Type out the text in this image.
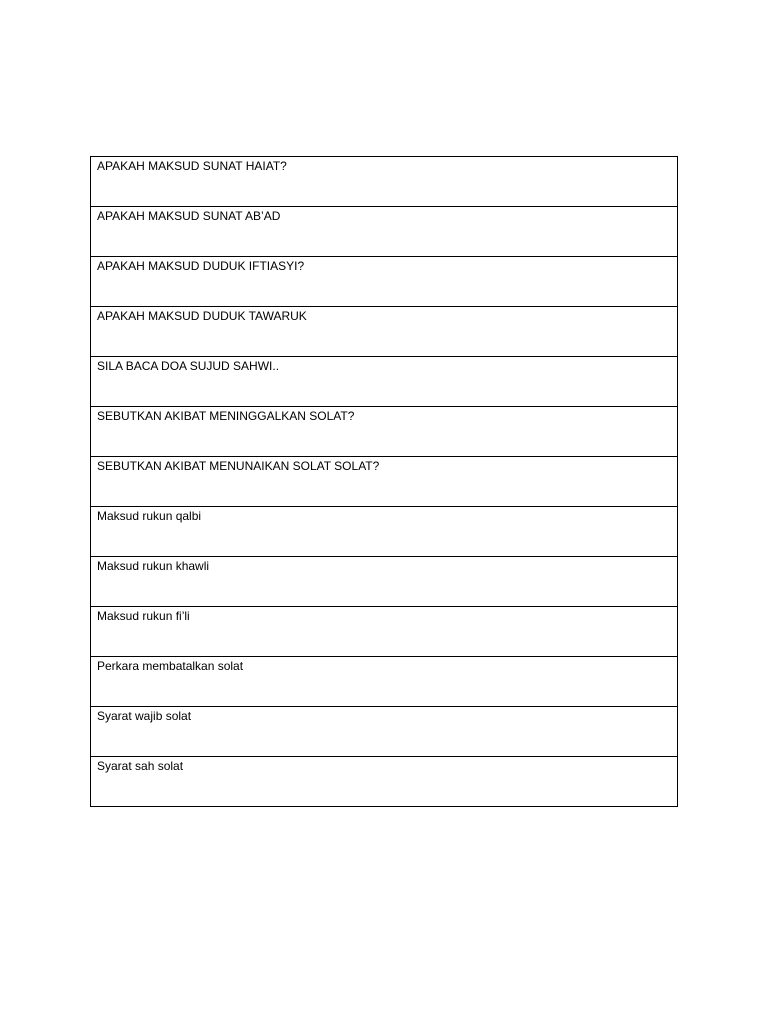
APAKAH MAKSUD SUNAT HAIAT?

APAKAH MAKSUD SUNAT AB’AD

APAKAH MAKSUD DUDUK IFTIASYI?

APAKAH MAKSUD DUDUK TAWARUK

SILA BACA DOA SUJUD SAHWI..

SEBUTKAN AKIBAT MENINGGALKAN SOLAT?

SEBUTKAN AKIBAT MENUNAIKAN SOLAT SOLAT?

Maksud rukun qalbi

Maksud rukun khawli

Maksud rukun fi’li

Perkara membatalkan solat

Syarat wajib solat

Syarat sah solat
